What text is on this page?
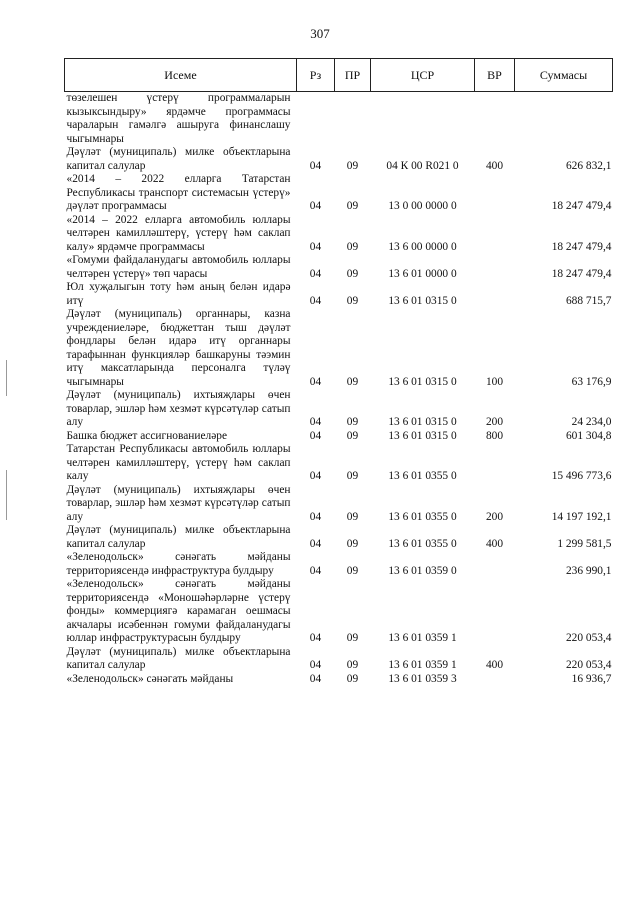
307
Исеме	Рз	ПР	ЦСР	ВР	Суммасы
төзелешен үстерү программаларын кызыксындыру» ярдәмче программасы чараларын гамәлгә ашыруга финанслашу чыгымнары					
Дәүләт (муниципаль) милке объектларына капитал салулар	04	09	04 К 00 R021 0	400	626 832,1
«2014 – 2022 елларга Татарстан Республикасы транспорт системасын үстерү» дәүләт программасы	04	09	13 0 00 0000 0		18 247 479,4
«2014 – 2022 елларга автомобиль юллары челтәрен камилләштерү, үстерү һәм саклап калу» ярдәмче программасы	04	09	13 6 00 0000 0		18 247 479,4
«Гомуми файдаланудагы автомобиль юллары челтәрен үстерү» төп чарасы	04	09	13 6 01 0000 0		18 247 479,4
Юл хуҗалыгын тоту һәм аның белән идарә итү	04	09	13 6 01 0315 0		688 715,7
Дәүләт (муниципаль) органнары, казна учреждениеләре, бюджеттан тыш дәүләт фондлары белән идарә итү органнары тарафыннан функцияләр башкаруны тәэмин итү максатларында персоналга түләү чыгымнары	04	09	13 6 01 0315 0	100	63 176,9
Дәүләт (муниципаль) ихтыяҗлары өчен товарлар, эшләр һәм хезмәт күрсәтүләр сатып алу	04	09	13 6 01 0315 0	200	24 234,0
Башка бюджет ассигнованиеләре	04	09	13 6 01 0315 0	800	601 304,8
Татарстан Республикасы автомобиль юллары челтәрен камилләштерү, үстерү һәм саклап калу	04	09	13 6 01 0355 0		15 496 773,6
Дәүләт (муниципаль) ихтыяҗлары өчен товарлар, эшләр һәм хезмәт күрсәтүләр сатып алу	04	09	13 6 01 0355 0	200	14 197 192,1
Дәүләт (муниципаль) милке объектларына капитал салулар	04	09	13 6 01 0355 0	400	1 299 581,5
«Зеленодольск» сәнәгать мәйданы территориясендә инфраструктура булдыру	04	09	13 6 01 0359 0		236 990,1
«Зеленодольск» сәнәгать мәйданы территориясендә «Моношәһәрләрне үстерү фонды» коммерциягә карамаган оешмасы акчалары исәбеннән гомуми файдаланудагы юллар инфраструктурасын булдыру	04	09	13 6 01 0359 1		220 053,4
Дәүләт (муниципаль) милке объектларына капитал салулар	04	09	13 6 01 0359 1	400	220 053,4
«Зеленодольск» сәнәгать мәйданы	04	09	13 6 01 0359 3		16 936,7
